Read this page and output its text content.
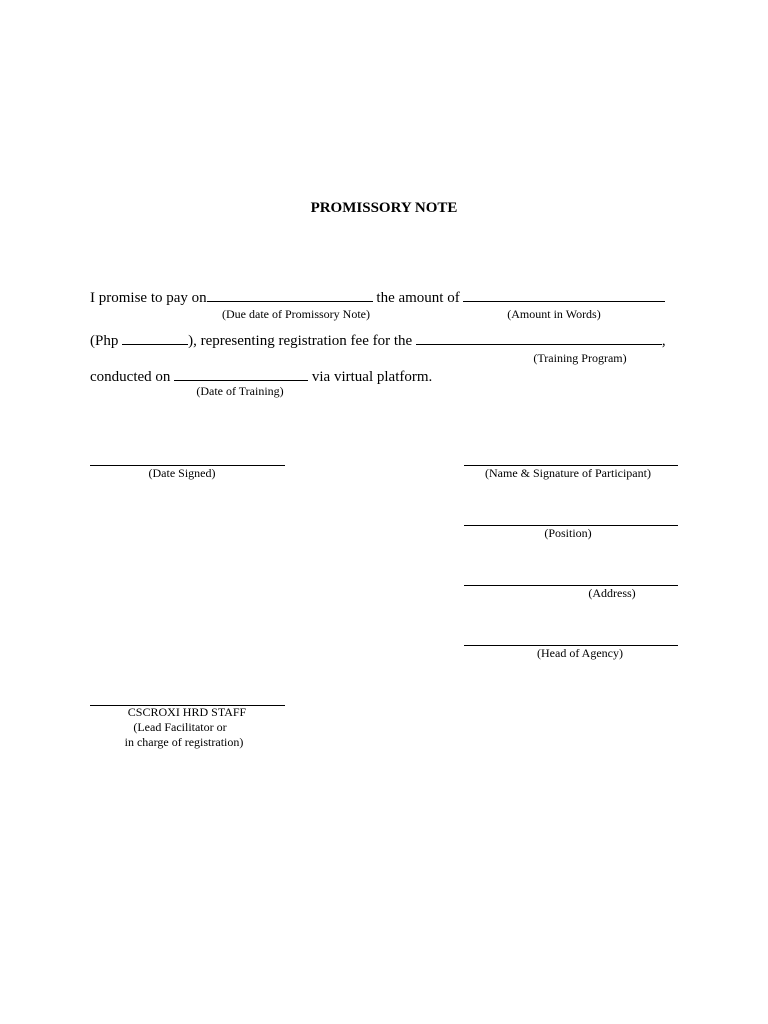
PROMISSORY NOTE
I promise to pay on	the amount of
(Due date of Promissory Note)	(Amount in Words)
(Php	), representing registration fee for the	,
(Training Program)
conducted on	via virtual platform.
(Date of Training)
(Date Signed)	(Name & Signature of Participant)
(Position)
(Address)
(Head of Agency)
CSCROXI HRD STAFF
(Lead Facilitator or
in charge of registration)
